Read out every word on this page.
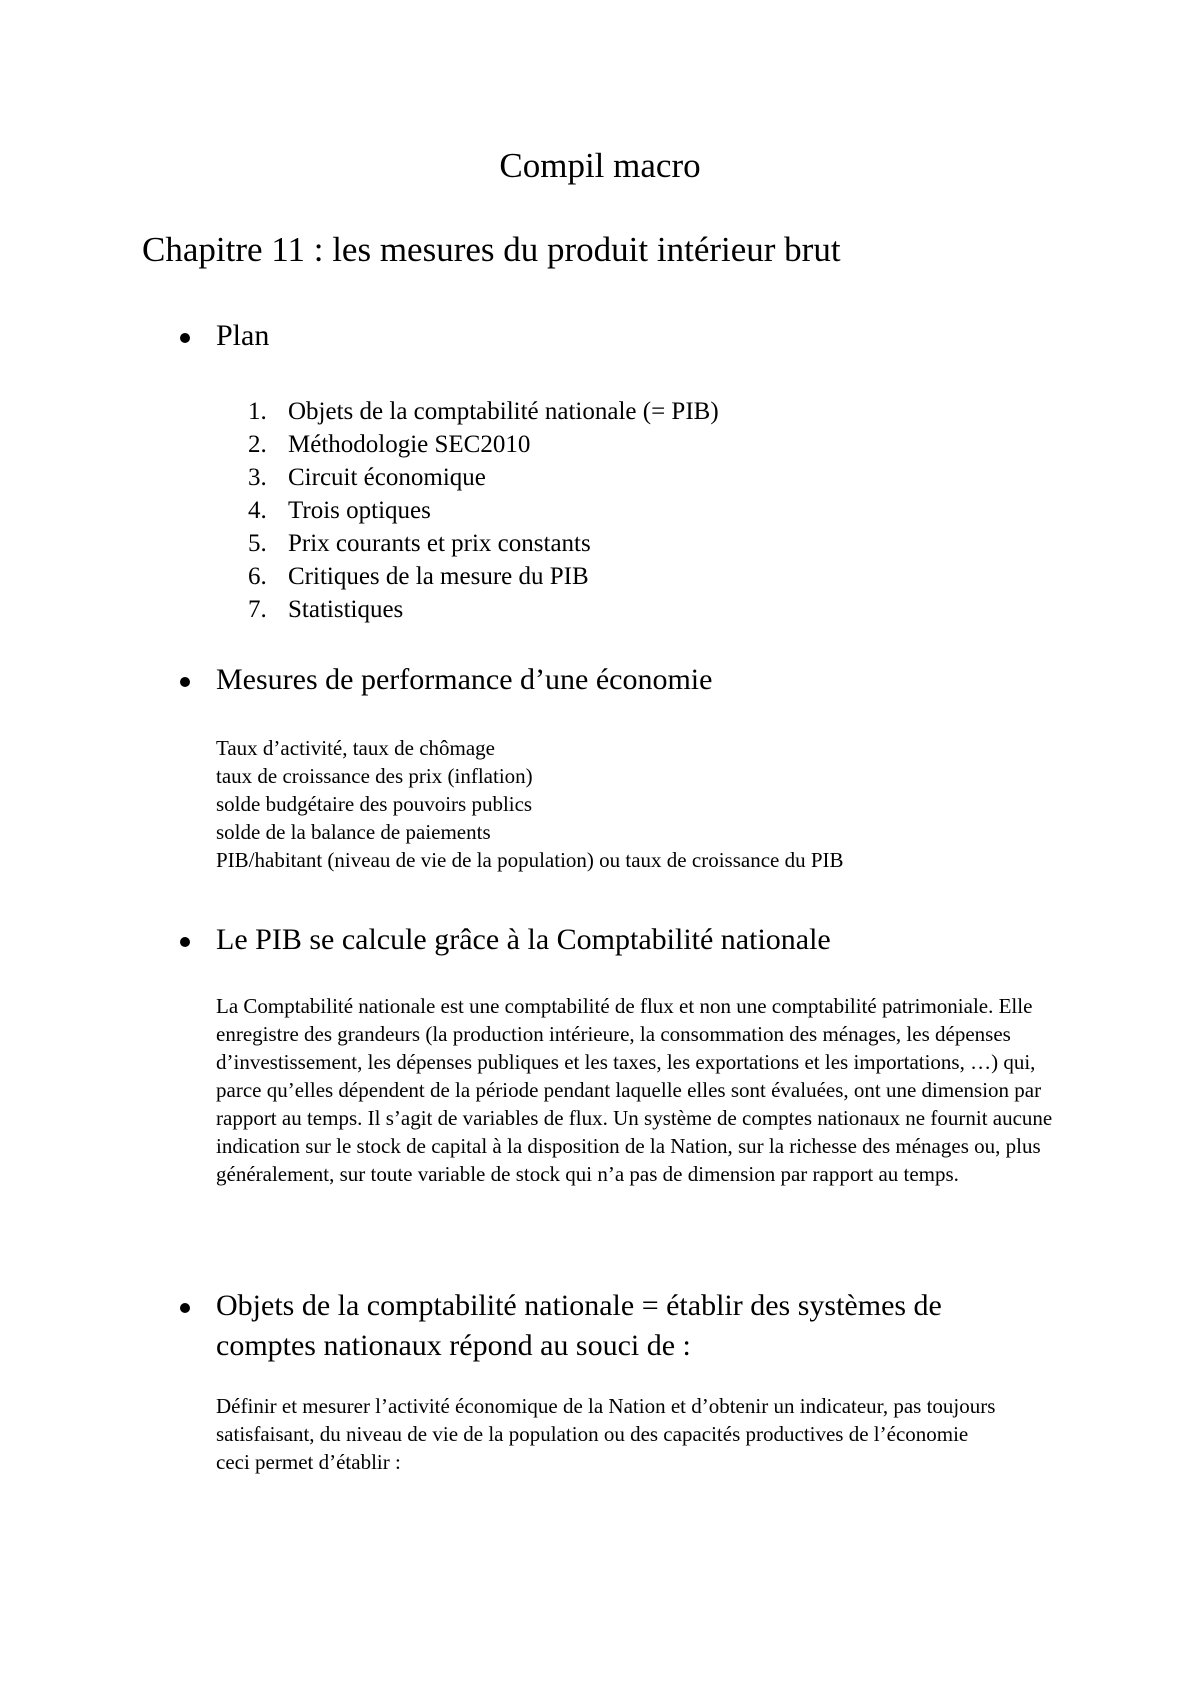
Compil macro
Chapitre 11 : les mesures du produit intérieur brut
Plan
1. Objets de la comptabilité nationale (= PIB)
2. Méthodologie SEC2010
3. Circuit économique
4. Trois optiques
5. Prix courants et prix constants
6. Critiques de la mesure du PIB
7. Statistiques
Mesures de performance d’une économie

Taux d’activité, taux de chômage

taux de croissance des prix (inflation)

solde budgétaire des pouvoirs publics

solde de la balance de paiements

PIB/habitant (niveau de vie de la population) ou taux de croissance du PIB

Le PIB se calcule grâce à la Comptabilité nationale

La Comptabilité nationale est une comptabilité de flux et non une comptabilité patrimoniale. Elle enregistre des grandeurs (la production intérieure, la consommation des ménages, les dépenses d’investissement, les dépenses publiques et les taxes, les exportations et les importations, …) qui, parce qu’elles dépendent de la période pendant laquelle elles sont évaluées, ont une dimension par rapport au temps. Il s’agit de variables de flux. Un système de comptes nationaux ne fournit aucune indication sur le stock de capital à la disposition de la Nation, sur la richesse des ménages ou, plus généralement, sur toute variable de stock qui n’a pas de dimension par rapport au temps.

Objets de la comptabilité nationale = établir des systèmes de
comptes nationaux répond au souci de :

Définir et mesurer l’activité économique de la Nation et d’obtenir un indicateur, pas toujours satisfaisant, du niveau de vie de la population ou des capacités productives de l’économie

ceci permet d’établir :
